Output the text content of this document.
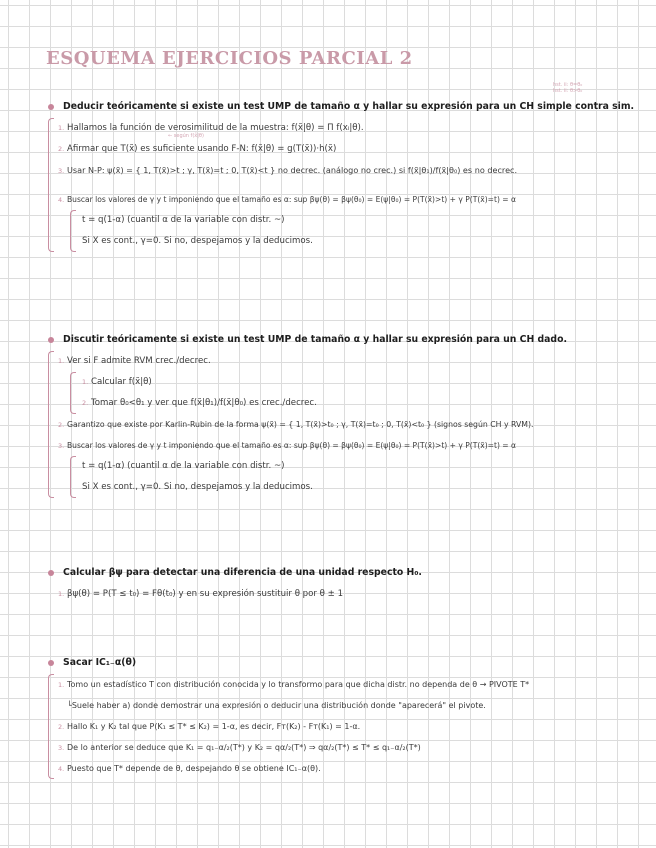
ESQUEMA EJERCICIOS PARCIAL 2
hst. ii: θ=θ₀
hst. ii: θ>θ₀
Deducir teóricamente si existe un test UMP de tamaño α y hallar su expresión para un CH simple contra sim.
1. Hallamos la función de verosimilitud de la muestra: f(x̃|θ) = Π f(xᵢ|θ).
2. Afirmar que T(x̃) es suficiente usando F-N: f(x̃|θ) = g(T(x̃))·h(x̃)
← según f(x̃|θ)
3. Usar N-P: ψ(x̃) = { 1, T(x̃)>t ; γ, T(x̃)=t ; 0, T(x̃)<t } no decrec. (análogo no crec.) si f(x̃|θ₁)/f(x̃|θ₀) es no decrec.
4. Buscar los valores de γ y t imponiendo que el tamaño es α: sup βψ(θ) = βψ(θ₀) = E(ψ|θ₀) = P(T(x̃)>t) + γ P(T(x̃)=t) = α
t = q(1-α) (cuantil α de la variable con distr. ~)
Si X es cont., γ=0. Si no, despejamos y la deducimos.
Discutir teóricamente si existe un test UMP de tamaño α y hallar su expresión para un CH dado.
1. Ver si F admite RVM crec./decrec.
1. Calcular f(x̃|θ)
2. Tomar θ₀<θ₁ y ver que f(x̃|θ₁)/f(x̃|θ₀) es crec./decrec.
2. Garantizo que existe por Karlin-Rubin de la forma ψ(x̃) = { 1, T(x̃)>t₀ ; γ, T(x̃)=t₀ ; 0, T(x̃)<t₀ } (signos según CH y RVM).
3. Buscar los valores de γ y t imponiendo que el tamaño es α: sup βψ(θ) = βψ(θ₀) = E(ψ|θ₀) = P(T(x̃)>t) + γ P(T(x̃)=t) = α
t = q(1-α) (cuantil α de la variable con distr. ~)
Si X es cont., γ=0. Si no, despejamos y la deducimos.
Calcular βψ para detectar una diferencia de una unidad respecto H₀.
1. βψ(θ) = P(T ≤ t₀) = Fθ(t₀) y en su expresión sustituir θ por θ ± 1
Sacar IC₁₋α(θ)
1. Tomo un estadístico T con distribución conocida y lo transformo para que dicha distr. no dependa de θ → PIVOTE T*
└Suele haber a) donde demostrar una expresión o deducir una distribución donde "aparecerá" el pivote.
2. Hallo K₁ y K₂ tal que P(K₁ ≤ T* ≤ K₂) = 1-α, es decir, Fᴛ(K₂) - Fᴛ(K₁) = 1-α.
3. De lo anterior se deduce que K₁ = q₁₋α/₂(T*) y K₂ = qα/₂(T*) ⇒ qα/₂(T*) ≤ T* ≤ q₁₋α/₂(T*)
4. Puesto que T* depende de θ, despejando θ se obtiene IC₁₋α(θ).
